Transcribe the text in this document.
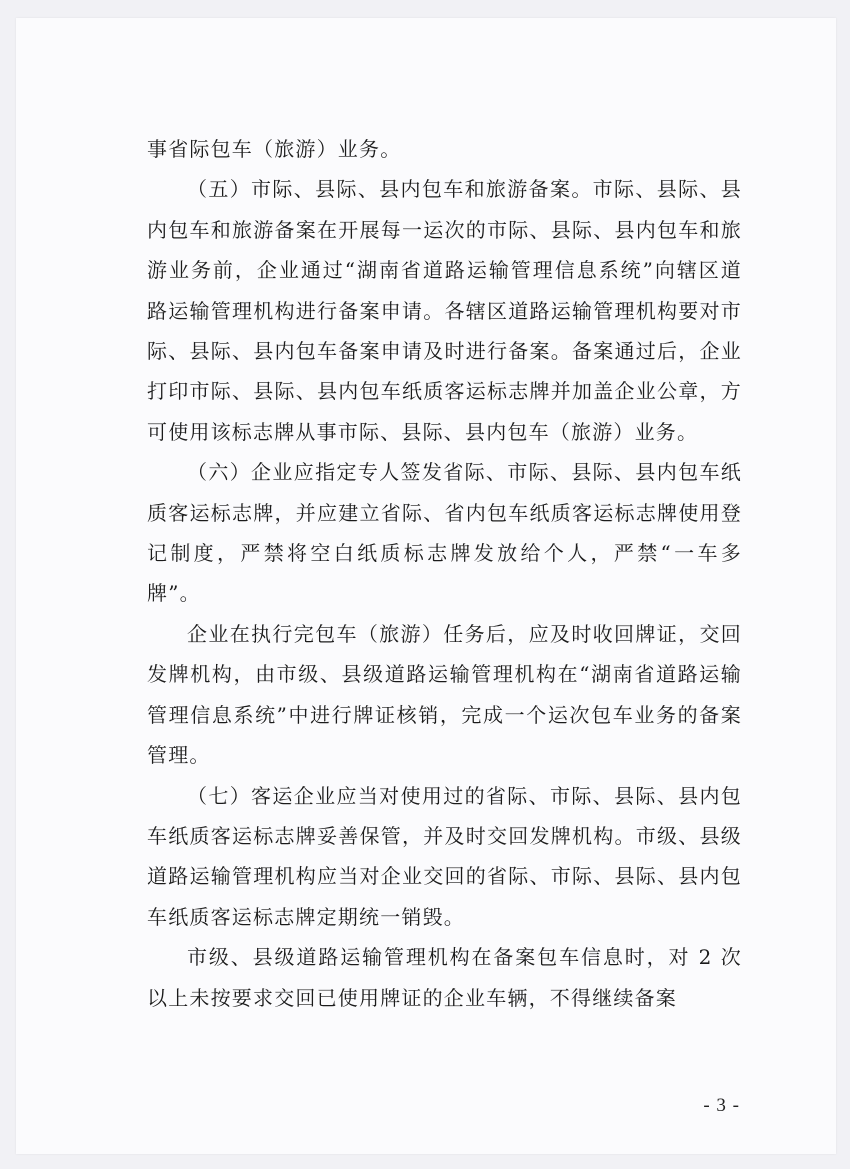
事省际包车（旅游）业务。

（五）市际、县际、县内包车和旅游备案。市际、县际、县内包车和旅游备案在开展每一运次的市际、县际、县内包车和旅游业务前，企业通过“湖南省道路运输管理信息系统”向辖区道路运输管理机构进行备案申请。各辖区道路运输管理机构要对市际、县际、县内包车备案申请及时进行备案。备案通过后，企业打印市际、县际、县内包车纸质客运标志牌并加盖企业公章，方可使用该标志牌从事市际、县际、县内包车（旅游）业务。

（六）企业应指定专人签发省际、市际、县际、县内包车纸质客运标志牌，并应建立省际、省内包车纸质客运标志牌使用登记制度，严禁将空白纸质标志牌发放给个人，严禁“一车多牌”。

企业在执行完包车（旅游）任务后，应及时收回牌证，交回发牌机构，由市级、县级道路运输管理机构在“湖南省道路运输管理信息系统”中进行牌证核销，完成一个运次包车业务的备案管理。

（七）客运企业应当对使用过的省际、市际、县际、县内包车纸质客运标志牌妥善保管，并及时交回发牌机构。市级、县级道路运输管理机构应当对企业交回的省际、市际、县际、县内包车纸质客运标志牌定期统一销毁。

市级、县级道路运输管理机构在备案包车信息时，对 2 次以上未按要求交回已使用牌证的企业车辆，不得继续备案

- 3 -
